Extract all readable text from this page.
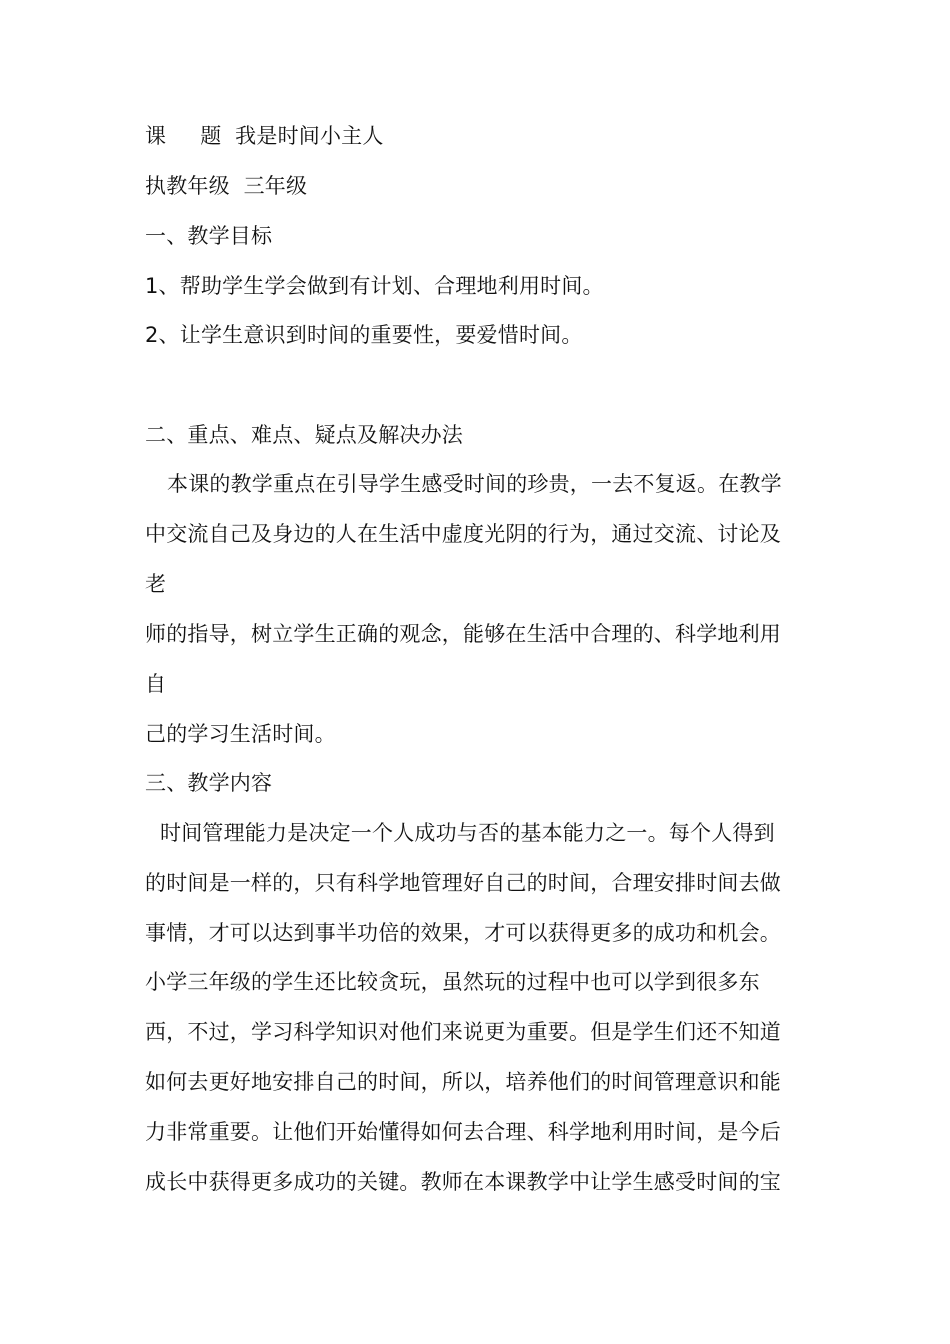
课 题 我是时间小主人
执教年级 三年级
一、教学目标
1、帮助学生学会做到有计划、合理地利用时间。
2、让学生意识到时间的重要性，要爱惜时间。
二、重点、难点、疑点及解决办法
本课的教学重点在引导学生感受时间的珍贵，一去不复返。在教学
中交流自己及身边的人在生活中虚度光阴的行为，通过交流、讨论及
老
师的指导，树立学生正确的观念，能够在生活中合理的、科学地利用
自
己的学习生活时间。
三、教学内容
时间管理能力是决定一个人成功与否的基本能力之一。每个人得到
的时间是一样的，只有科学地管理好自己的时间，合理安排时间去做
事情，才可以达到事半功倍的效果，才可以获得更多的成功和机会。
小学三年级的学生还比较贪玩，虽然玩的过程中也可以学到很多东
西，不过，学习科学知识对他们来说更为重要。但是学生们还不知道
如何去更好地安排自己的时间，所以，培养他们的时间管理意识和能
力非常重要。让他们开始懂得如何去合理、科学地利用时间，是今后
成长中获得更多成功的关键。教师在本课教学中让学生感受时间的宝
